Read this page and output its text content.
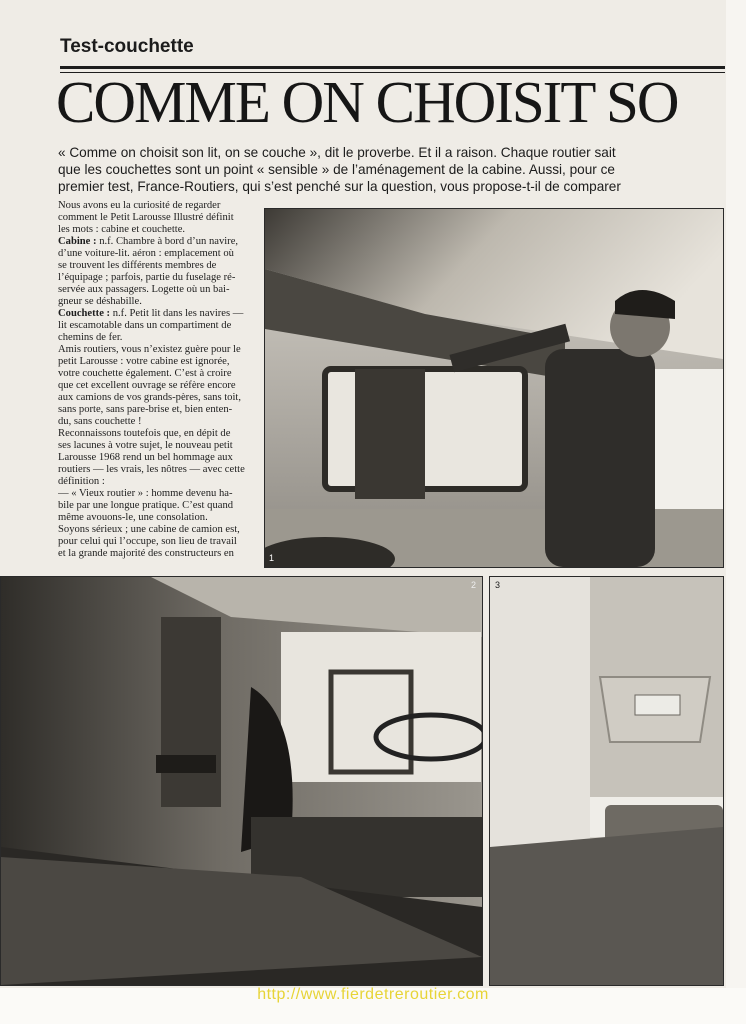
Test-couchette
COMME ON CHOISIT SO
« Comme on choisit son lit, on se couche », dit le proverbe. Et il a raison. Chaque routier sait
que les couchettes sont un point « sensible » de l’aménagement de la cabine. Aussi, pour ce
premier test, France-Routiers, qui s’est penché sur la question, vous propose-t-il de comparer

Nous avons eu la curiosité de regarder

comment le Petit Larousse Illustré définit

les mots : cabine et couchette.

Cabine : n.f. Chambre à bord d’un navire,

d’une voiture-lit. aéron : emplacement où

se trouvent les différents membres de

l’équipage ; parfois, partie du fuselage ré-

servée aux passagers. Logette où un bai-

gneur se déshabille.

Couchette : n.f. Petit lit dans les navires —

lit escamotable dans un compartiment de

chemins de fer.

Amis routiers, vous n’existez guère pour le

petit Larousse : votre cabine est ignorée,

votre couchette également. C’est à croire

que cet excellent ouvrage se réfère encore

aux camions de vos grands-pères, sans toit,

sans porte, sans pare-brise et, bien enten-

du, sans couchette !

Reconnaissons toutefois que, en dépit de

ses lacunes à votre sujet, le nouveau petit

Larousse 1968 rend un bel hommage aux

routiers — les vrais, les nôtres — avec cette

définition :

— « Vieux routier » : homme devenu ha-

bile par une longue pratique. C’est quand

même avouons-le, une consolation.

Soyons sérieux ; une cabine de camion est,

pour celui qui l’occupe, son lieu de travail

et la grande majorité des constructeurs en	1
2 3
http://www.fierdetreroutier.com
